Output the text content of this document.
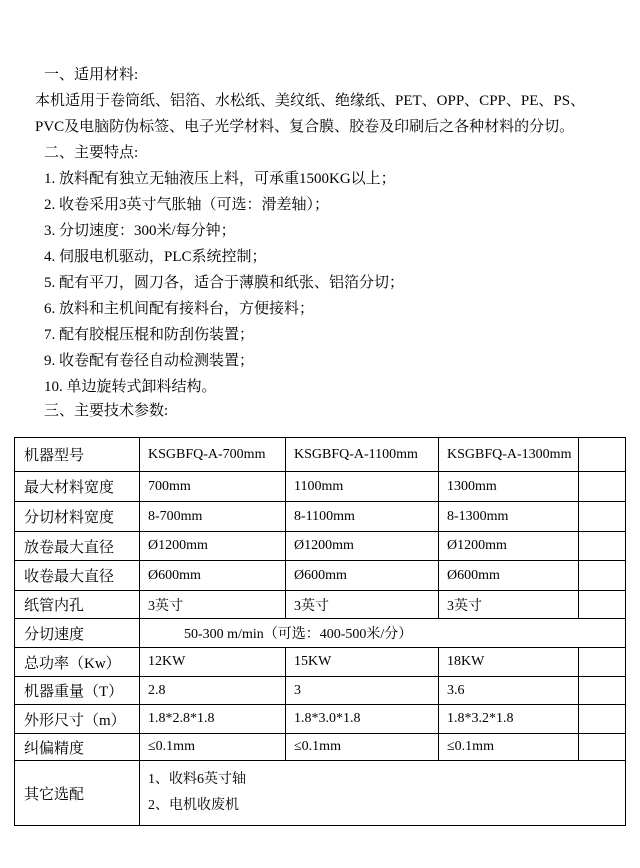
一、适用材料:
本机适用于卷筒纸、铝箔、水松纸、美纹纸、绝缘纸、PET、OPP、CPP、PE、PS、
PVC及电脑防伪标签、电子光学材料、复合膜、胶卷及印刷后之各种材料的分切。
二、主要特点:
1. 放料配有独立无轴液压上料，可承重1500KG以上；
2. 收卷采用3英寸气胀轴（可选：滑差轴）；
3. 分切速度：300米/每分钟；
4. 伺服电机驱动，PLC系统控制；
5. 配有平刀，圆刀各，适合于薄膜和纸张、铝箔分切；
6. 放料和主机间配有接料台，方便接料；
7. 配有胶棍压棍和防刮伤装置；
9. 收卷配有卷径自动检测装置；
10. 单边旋转式卸料结构。
三、主要技术参数:
机器型号	KSGBFQ-A-700mm	KSGBFQ-A-1100mm	KSGBFQ-A-1300mm	
最大材料宽度	700mm	1100mm	1300mm	
分切材料宽度	8-700mm	8-1100mm	8-1300mm	
放卷最大直径	Ø1200mm	Ø1200mm	Ø1200mm	
收卷最大直径	Ø600mm	Ø600mm	Ø600mm	
纸管内孔	3英寸	3英寸	3英寸	
分切速度	50-300 m/min（可选：400-500米/分）			
总功率（Kw）	12KW	15KW	18KW	
机器重量（T）	2.8	3	3.6	
外形尺寸（m）	1.8*2.8*1.8	1.8*3.0*1.8	1.8*3.2*1.8	
纠偏精度	≤0.1mm	≤0.1mm	≤0.1mm	
其它选配	1、收料6英寸轴
2、电机收废机			
